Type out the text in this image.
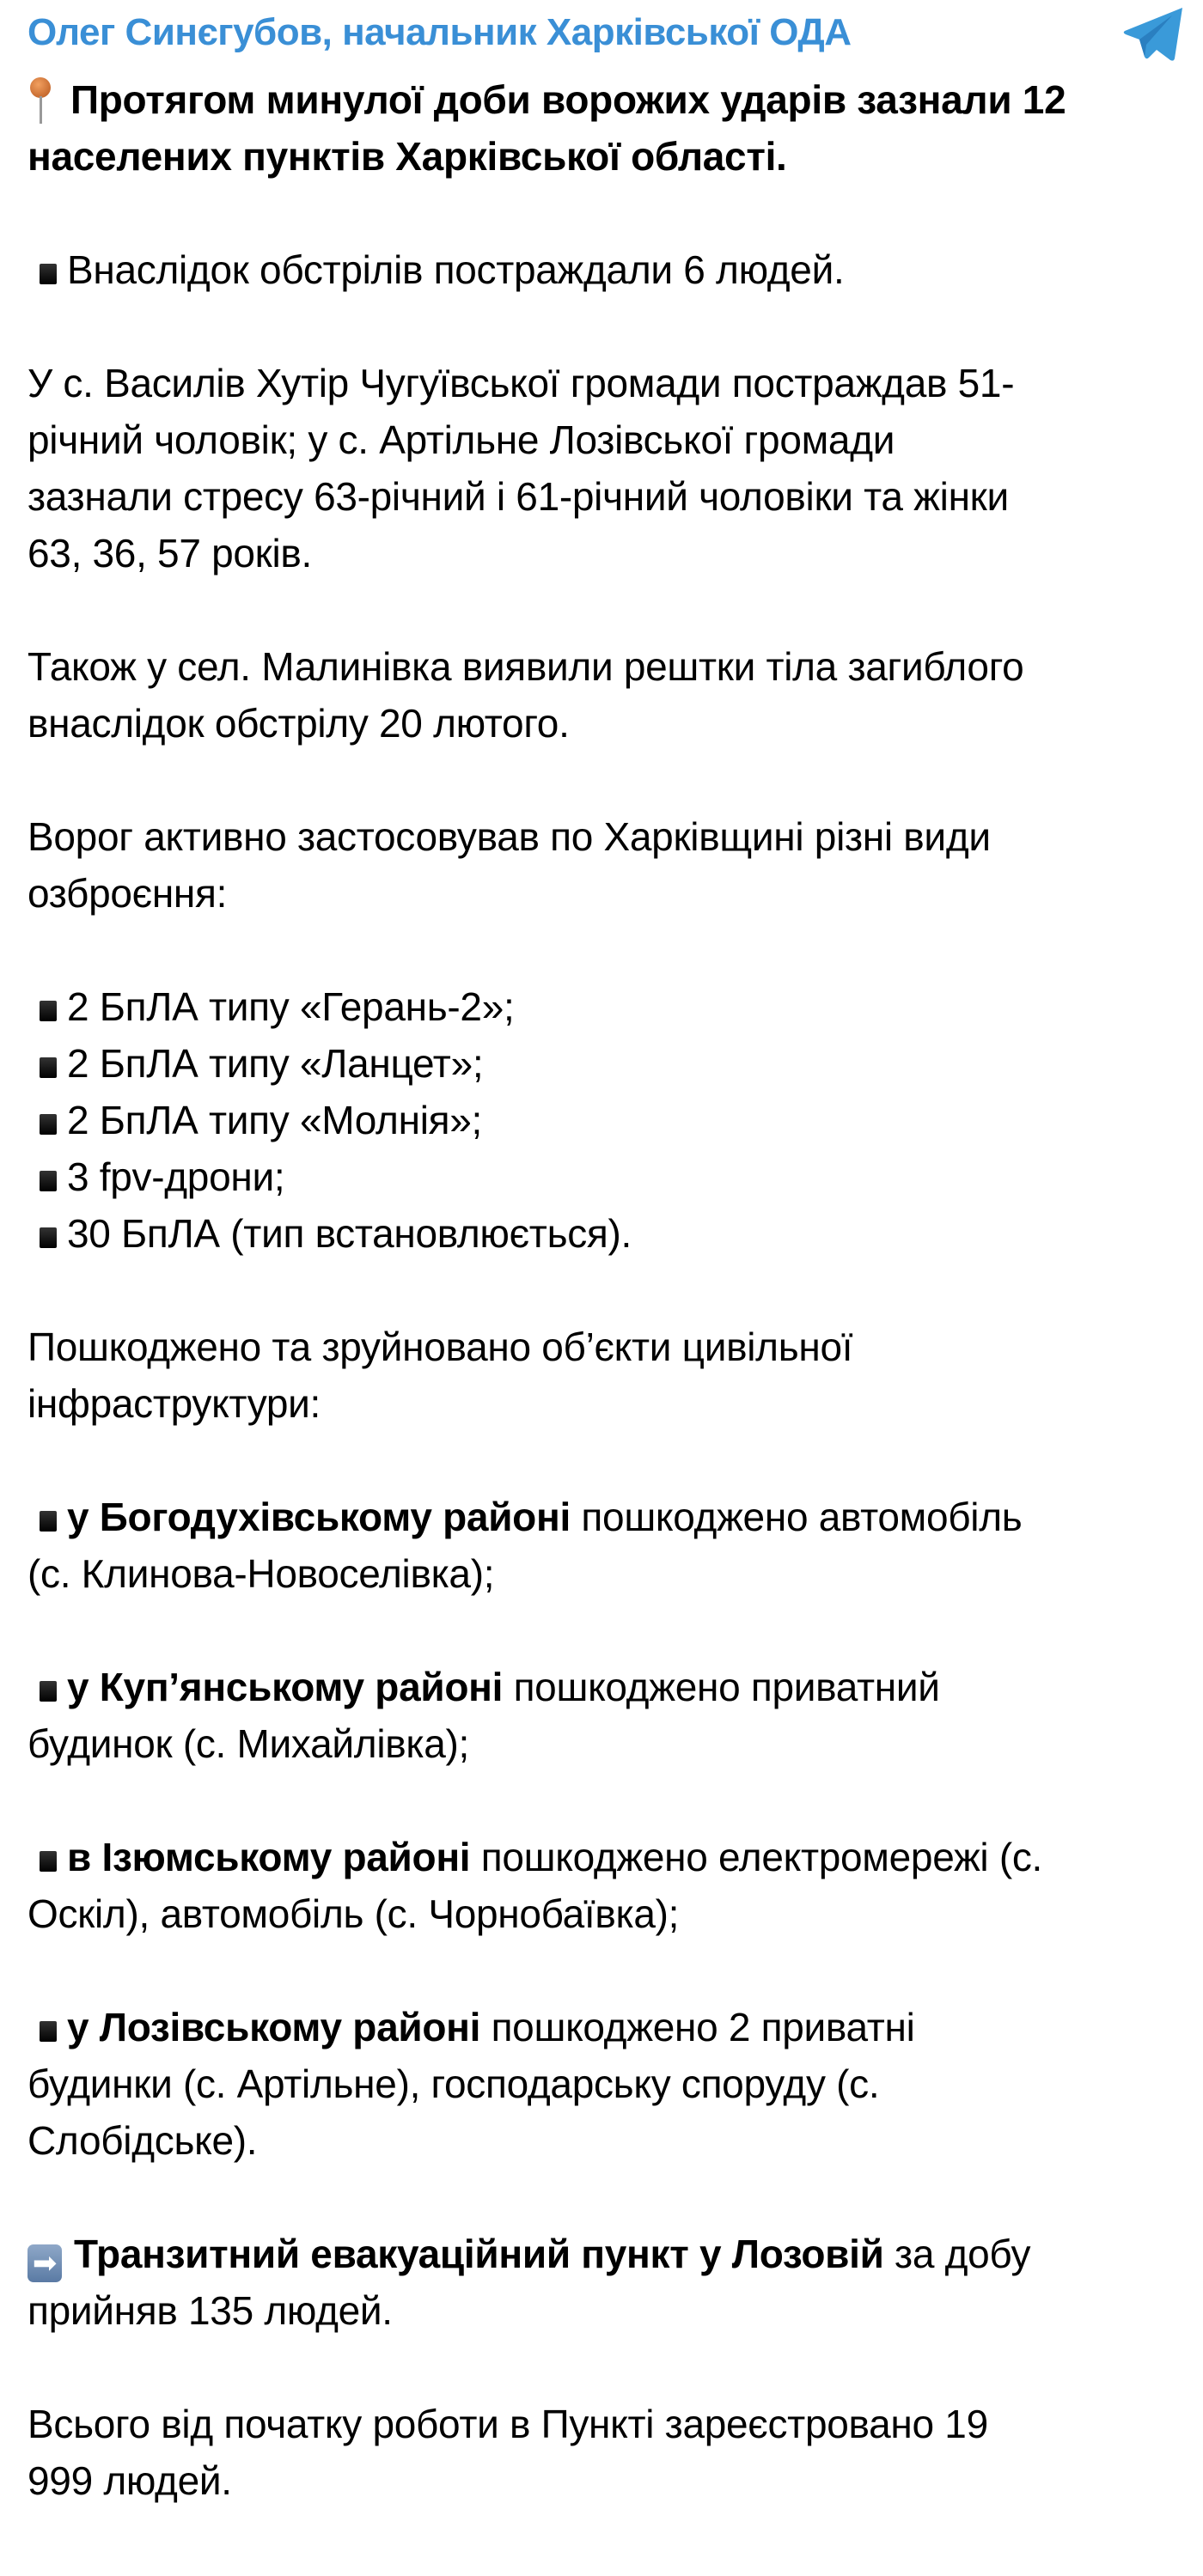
Олег Синєгубов, начальник Харківської ОДА
Протягом минулої доби ворожих ударів зазнали 12
населених пунктів Харківської області.
Внаслідок обстрілів постраждали 6 людей.
У с. Василів Хутір Чугуївської громади постраждав 51-
річний чоловік; у с. Артільне Лозівської громади
зазнали стресу 63-річний і 61-річний чоловіки та жінки
63, 36, 57 років.
Також у сел. Малинівка виявили рештки тіла загиблого
внаслідок обстрілу 20 лютого.
Ворог активно застосовував по Харківщині різні види
озброєння:
2 БпЛА типу «Герань-2»;
2 БпЛА типу «Ланцет»;
2 БпЛА типу «Молнія»;
3 fpv-дрони;
30 БпЛА (тип встановлюється).
Пошкоджено та зруйновано об’єкти цивільної
інфраструктури:
у Богодухівському районі пошкоджено автомобіль
(с. Клинова-Новоселівка);
у Куп’янському районі пошкоджено приватний
будинок (с. Михайлівка);
в Ізюмському районі пошкоджено електромережі (с.
Оскіл), автомобіль (с. Чорнобаївка);
у Лозівському районі пошкоджено 2 приватні
будинки (с. Артільне), господарську споруду (с.
Слобідське).
➡ Транзитний евакуаційний пункт у Лозовій за добу
прийняв 135 людей.
Всього від початку роботи в Пункті зареєстровано 19
999 людей.
